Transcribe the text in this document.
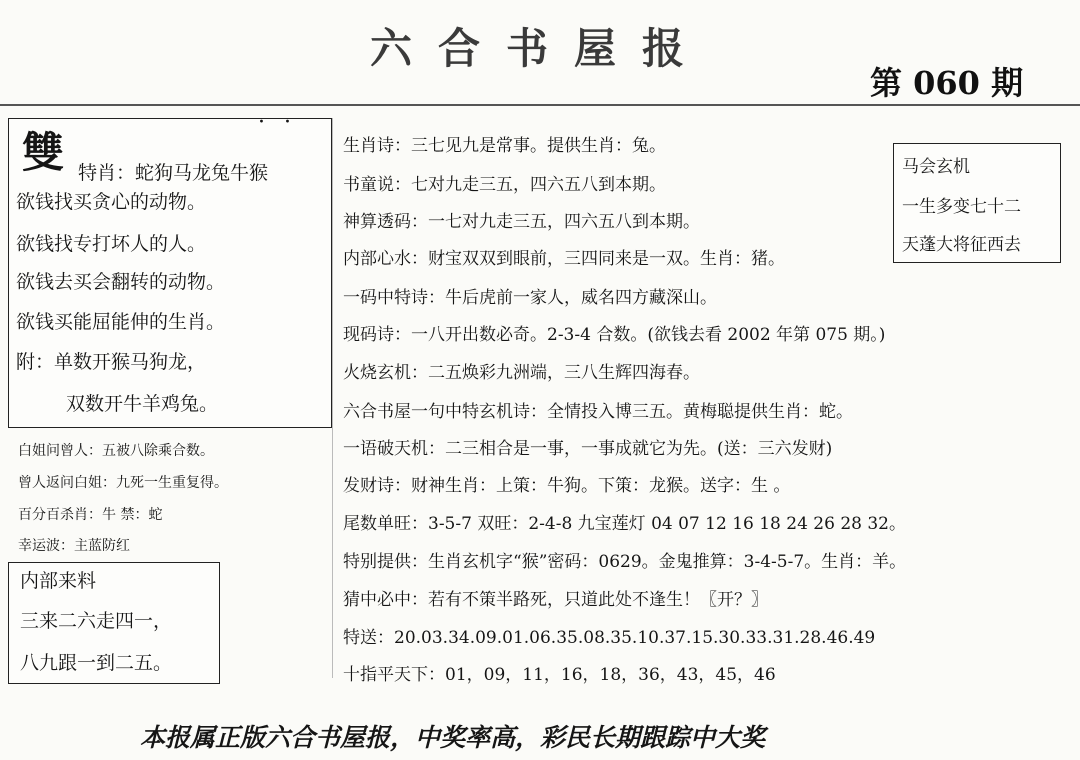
六合书屋报
第 060 期
雙
· ·
特肖：蛇狗马龙兔牛猴
欲钱找买贪心的动物。
欲钱找专打坏人的人。
欲钱去买会翻转的动物。
欲钱买能屈能伸的生肖。
附：单数开猴马狗龙，
双数开牛羊鸡兔。
白姐问曾人：五被八除乘合数。
曾人返问白姐：九死一生重复得。
百分百杀肖：牛 禁：蛇
幸运波：主蓝防红
内部来料
三来二六走四一，
八九跟一到二五。
马会玄机
一生多变七十二
天蓬大将征西去
生肖诗：三七见九是常事。提供生肖：兔。
书童说：七对九走三五，四六五八到本期。
神算透码：一七对九走三五，四六五八到本期。
内部心水：财宝双双到眼前，三四同来是一双。生肖：猪。
一码中特诗：牛后虎前一家人，威名四方藏深山。
现码诗：一八开出数必奇。2-3-4 合数。(欲钱去看 2002 年第 075 期。)
火烧玄机：二五焕彩九洲端，三八生辉四海春。
六合书屋一句中特玄机诗：全情投入博三五。黄梅聪提供生肖：蛇。
一语破天机：二三相合是一事，一事成就它为先。(送：三六发财)
发财诗：财神生肖：上策：牛狗。下策：龙猴。送字：生 。
尾数单旺：3-5-7 双旺：2-4-8 九宝莲灯 04 07 12 16 18 24 26 28 32。
特别提供：生肖玄机字“猴”密码：0629。金鬼推算：3-4-5-7。生肖：羊。
猜中必中：若有不策半路死，只道此处不逢生！〖开？〗
特送：20.03.34.09.01.06.35.08.35.10.37.15.30.33.31.28.46.49
十指平天下：01，09，11，16，18，36，43，45，46
本报属正版六合书屋报，中奖率高，彩民长期跟踪中大奖
